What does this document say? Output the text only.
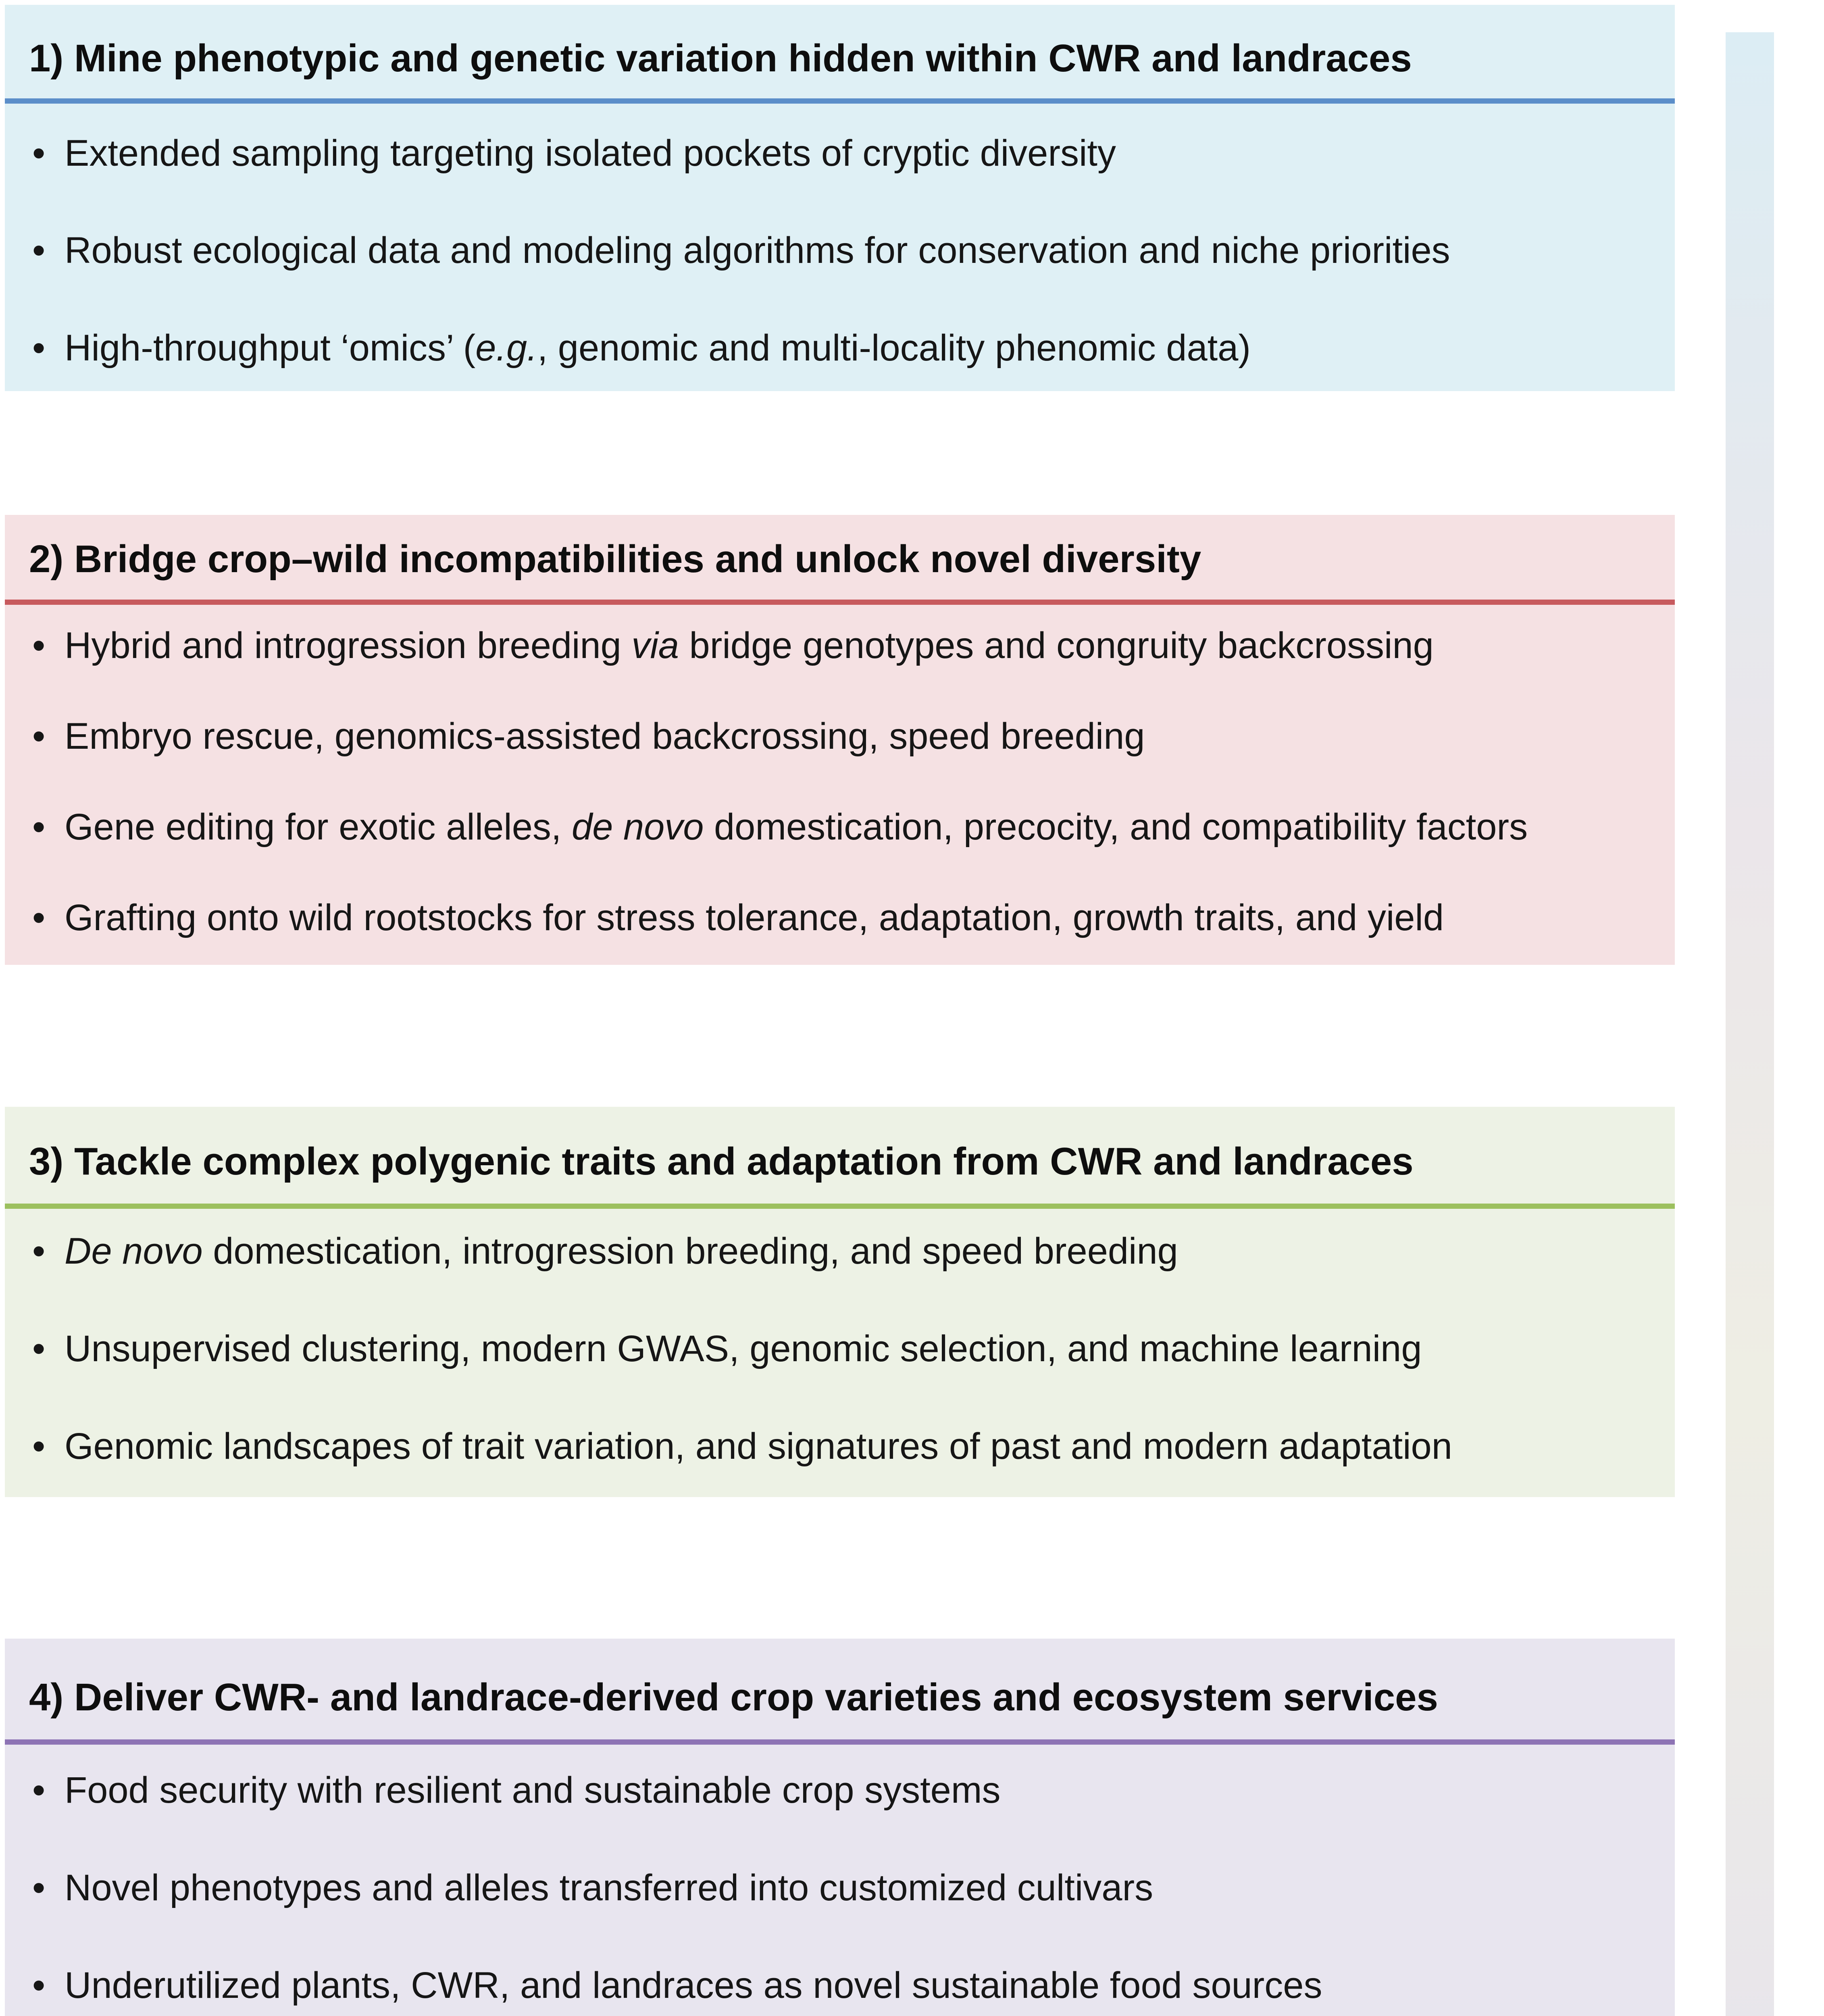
1) Mine phenotypic and genetic variation hidden within CWR and landraces
• Extended sampling targeting isolated pockets of cryptic diversity
• Robust ecological data and modeling algorithms for conservation and niche priorities
• High-throughput ‘omics’ (e.g., genomic and multi-locality phenomic data)
2) Bridge crop–wild incompatibilities and unlock novel diversity
• Hybrid and introgression breeding via bridge genotypes and congruity backcrossing
• Embryo rescue, genomics-assisted backcrossing, speed breeding
• Gene editing for exotic alleles, de novo domestication, precocity, and compatibility factors
• Grafting onto wild rootstocks for stress tolerance, adaptation, growth traits, and yield
3) Tackle complex polygenic traits and adaptation from CWR and landraces
• De novo domestication, introgression breeding, and speed breeding
• Unsupervised clustering, modern GWAS, genomic selection, and machine learning
• Genomic landscapes of trait variation, and signatures of past and modern adaptation
4) Deliver CWR- and landrace-derived crop varieties and ecosystem services
• Food security with resilient and sustainable crop systems
• Novel phenotypes and alleles transferred into customized cultivars
• Underutilized plants, CWR, and landraces as novel sustainable food sources
